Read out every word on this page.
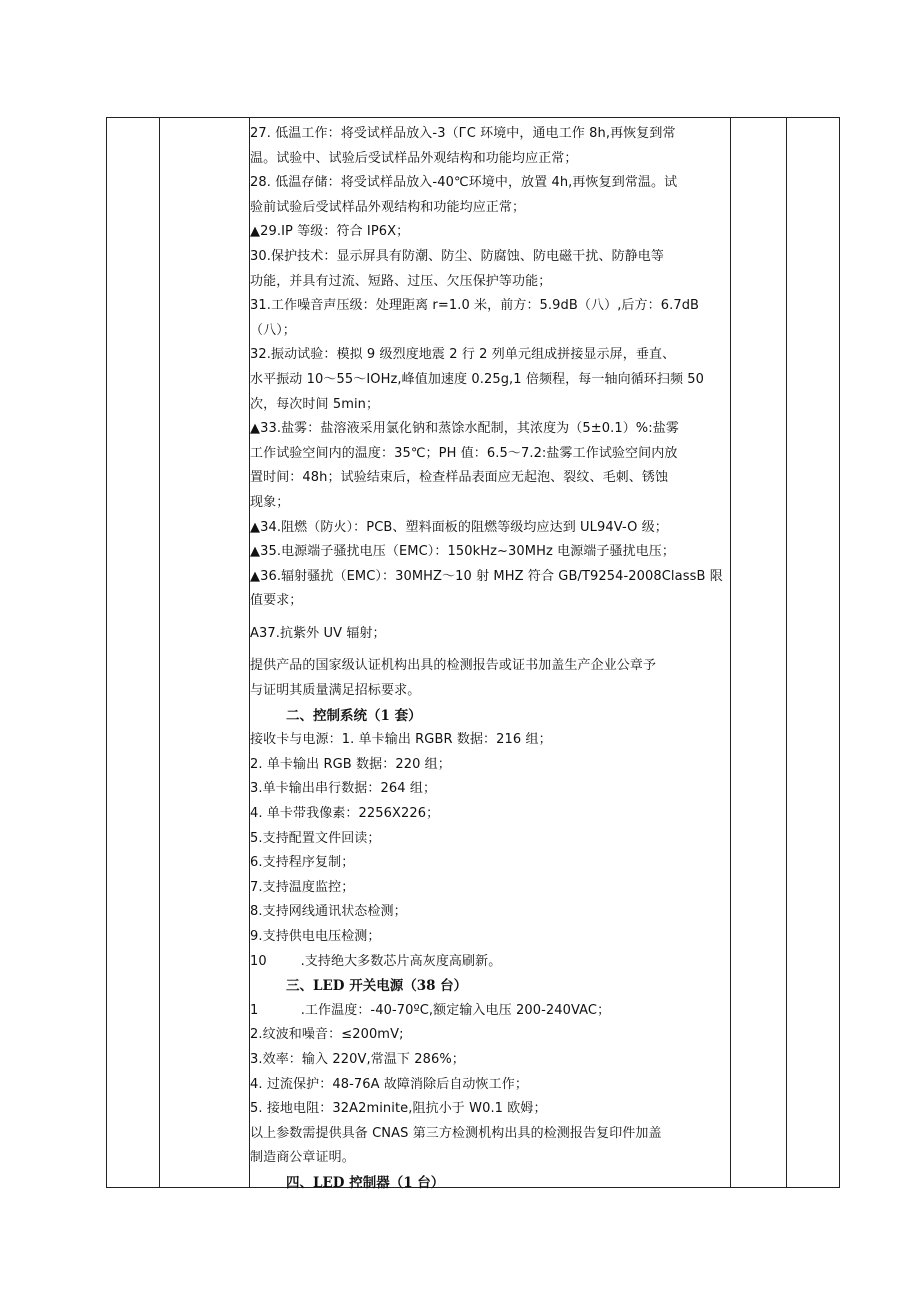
27. 低温工作：将受试样品放入-3（ГС 环境中，通电工作 8h,再恢复到常
温。试验中、试验后受试样品外观结构和功能均应正常；
28. 低温存储：将受试样品放入-40℃环境中，放置 4h,再恢复到常温。试
验前试验后受试样品外观结构和功能均应正常；
▲29.IP 等级：符合 IP6X；
30.保护技术：显示屏具有防潮、防尘、防腐蚀、防电磁干扰、防静电等
功能，并具有过流、短路、过压、欠压保护等功能；
31.工作噪音声压级：处理距离 r=1.0 米，前方：5.9dB（八）,后方：6.7dB
（八）；
32.振动试验：模拟 9 级烈度地震 2 行 2 列单元组成拼接显示屏，垂直、
水平振动 10～55～IOHz,峰值加速度 0.25g,1 倍频程，每一轴向循环扫频 50
次，每次时间 5min；
▲33.盐雾：盐溶液采用氯化钠和蒸馀水配制，其浓度为（5±0.1）%:盐雾
工作试验空间内的温度：35℃；PH 值：6.5～7.2:盐雾工作试验空间内放
置时间：48h；试验结束后，检查样品表面应无起泡、裂纹、毛刺、锈蚀
现象；
▲34.阻燃（防火）：PCB、塑料面板的阻燃等级均应达到 UL94V-O 级；
▲35.电源端子骚扰电压（EMC）：150kHz~30MHz 电源端子骚扰电压；
▲36.辐射骚扰（EMC）：30MHZ～10 射 MHZ 符合 GB/T9254-2008ClassB 限
值要求；
A37.抗紫外 UV 辐射；
提供产品的国家级认证机构出具的检测报告或证书加盖生产企业公章予
与证明其质量满足招标要求。
二、控制系统（1 套）
接收卡与电源：1. 单卡输出 RGBR 数据：216 组；
2. 单卡输出 RGB 数据：220 组；
3.单卡输出串行数据：264 组；
4. 单卡带我像素：2256X226；
5.支持配置文件回读；
6.支持程序复制；
7.支持温度监控；
8.支持网线通讯状态检测；
9.支持供电电压检测；
10        .支持绝大多数芯片高灰度高刷新。
三、LED 开关电源（38 台）
1          .工作温度：-40-70ºC,额定输入电压 200-240VAC；
2.纹波和噪音：≤200mV;
3.效率：输入 220V,常温下 286%；
4. 过流保护：48-76A 故障消除后自动恢工作；
5. 接地电阻：32A2minite,阻抗小于 W0.1 欧姆；
以上参数需提供具备 CNAS 第三方检测机构出具的检测报告复印件加盖
制造商公章证明。
四、LED 控制器（1 台）
